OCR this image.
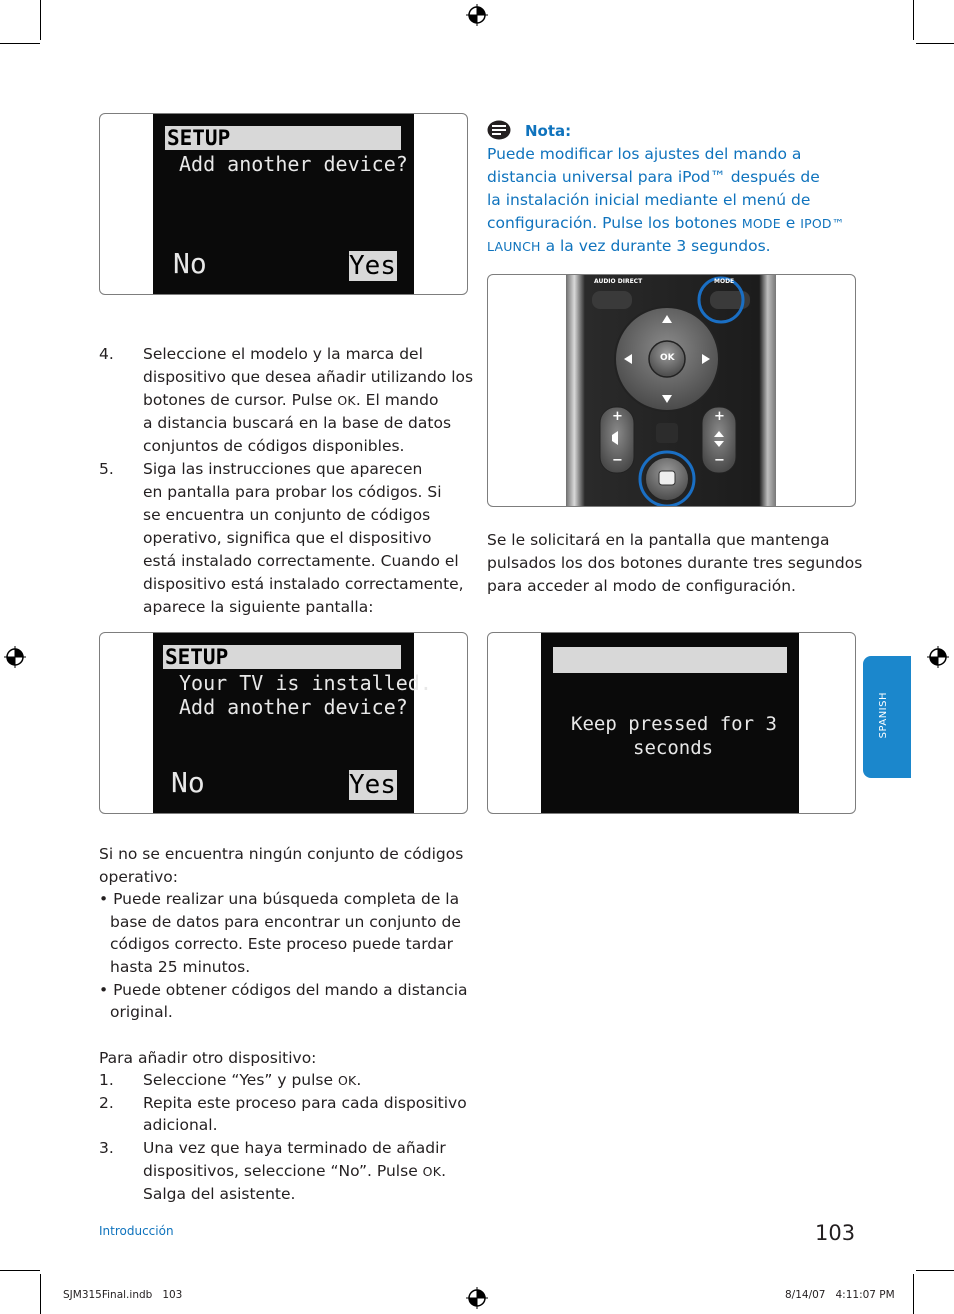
SETUP
Add another device?
No	Yes
Nota:
Puede modificar los ajustes del mando a
distancia universal para iPod™ después de
la instalación inicial mediante el menú de
configuración. Pulse los botones MODE e IPOD™
LAUNCH a la vez durante 3 segundos.
AUDIO DIRECT	MODE
OK
+
−
+
−
4. Seleccione el modelo y la marca del
dispositivo que desea añadir utilizando los
botones de cursor. Pulse OK. El mando
a distancia buscará en la base de datos
conjuntos de códigos disponibles.
5. Siga las instrucciones que aparecen
en pantalla para probar los códigos. Si
se encuentra un conjunto de códigos
operativo, significa que el dispositivo
está instalado correctamente. Cuando el
dispositivo está instalado correctamente,
aparece la siguiente pantalla:
Se le solicitará en la pantalla que mantenga
pulsados los dos botones durante tres segundos
para acceder al modo de configuración.
SETUP
Your TV is installed.
Add another device?
No	Yes
Keep pressed for 3
seconds
SPANISH
Si no se encuentra ningún conjunto de códigos
operativo:
• Puede realizar una búsqueda completa de la
base de datos para encontrar un conjunto de
códigos correcto. Este proceso puede tardar
hasta 25 minutos.
• Puede obtener códigos del mando a distancia
original.
Para añadir otro dispositivo:
1. Seleccione “Yes” y pulse OK.
2. Repita este proceso para cada dispositivo
adicional.
3. Una vez que haya terminado de añadir
dispositivos, seleccione “No”. Pulse OK.
Salga del asistente.
Introducción	103
SJM315Final.indb   103	8/14/07   4:11:07 PM
